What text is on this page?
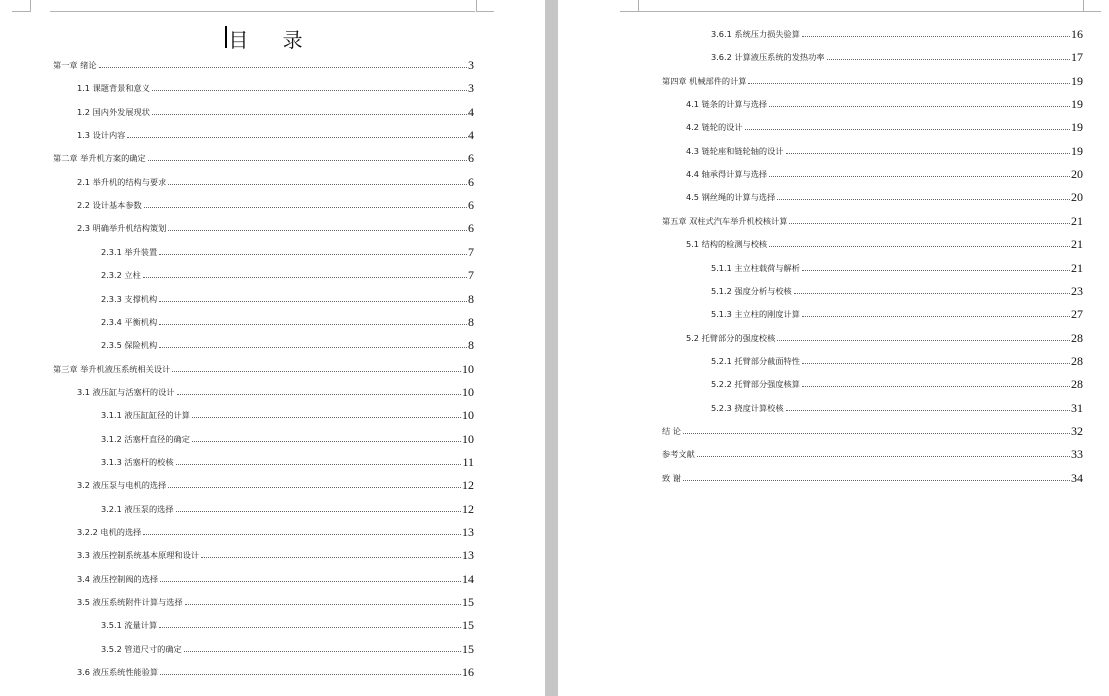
目 录
第一章 绪论	3
1.1 课题背景和意义	3
1.2 国内外发展现状	4
1.3 设计内容	4
第二章 举升机方案的确定	6
2.1 举升机的结构与要求	6
2.2 设计基本参数	6
2.3 明确举升机结构策划	6
2.3.1 举升装置	7
2.3.2 立柱	7
2.3.3 支撑机构	8
2.3.4 平衡机构	8
2.3.5 保险机构	8
第三章 举升机液压系统相关设计	10
3.1 液压缸与活塞杆的设计	10
3.1.1 液压缸缸径的计算	10
3.1.2 活塞杆直径的确定	10
3.1.3 活塞杆的校核	11
3.2 液压泵与电机的选择	12
3.2.1 液压泵的选择	12
3.2.2 电机的选择	13
3.3 液压控制系统基本原理和设计	13
3.4 液压控制阀的选择	14
3.5 液压系统附件计算与选择	15
3.5.1 流量计算	15
3.5.2 管道尺寸的确定	15
3.6 液压系统性能验算	16
3.6.1 系统压力损失验算	16
3.6.2 计算液压系统的发热功率	17
第四章 机械部件的计算	19
4.1 链条的计算与选择	19
4.2 链轮的设计	19
4.3 链轮座和链轮轴的设计	19
4.4 轴承得计算与选择	20
4.5 钢丝绳的计算与选择	20
第五章 双柱式汽车举升机校核计算	21
5.1 结构的检测与校核	21
5.1.1 主立柱载荷与解析	21
5.1.2 强度分析与校核	23
5.1.3 主立柱的刚度计算	27
5.2 托臂部分的强度校核	28
5.2.1 托臂部分截面特性	28
5.2.2 托臂部分强度核算	28
5.2.3 挠度计算校核	31
结 论	32
参考文献	33
致 谢	34
